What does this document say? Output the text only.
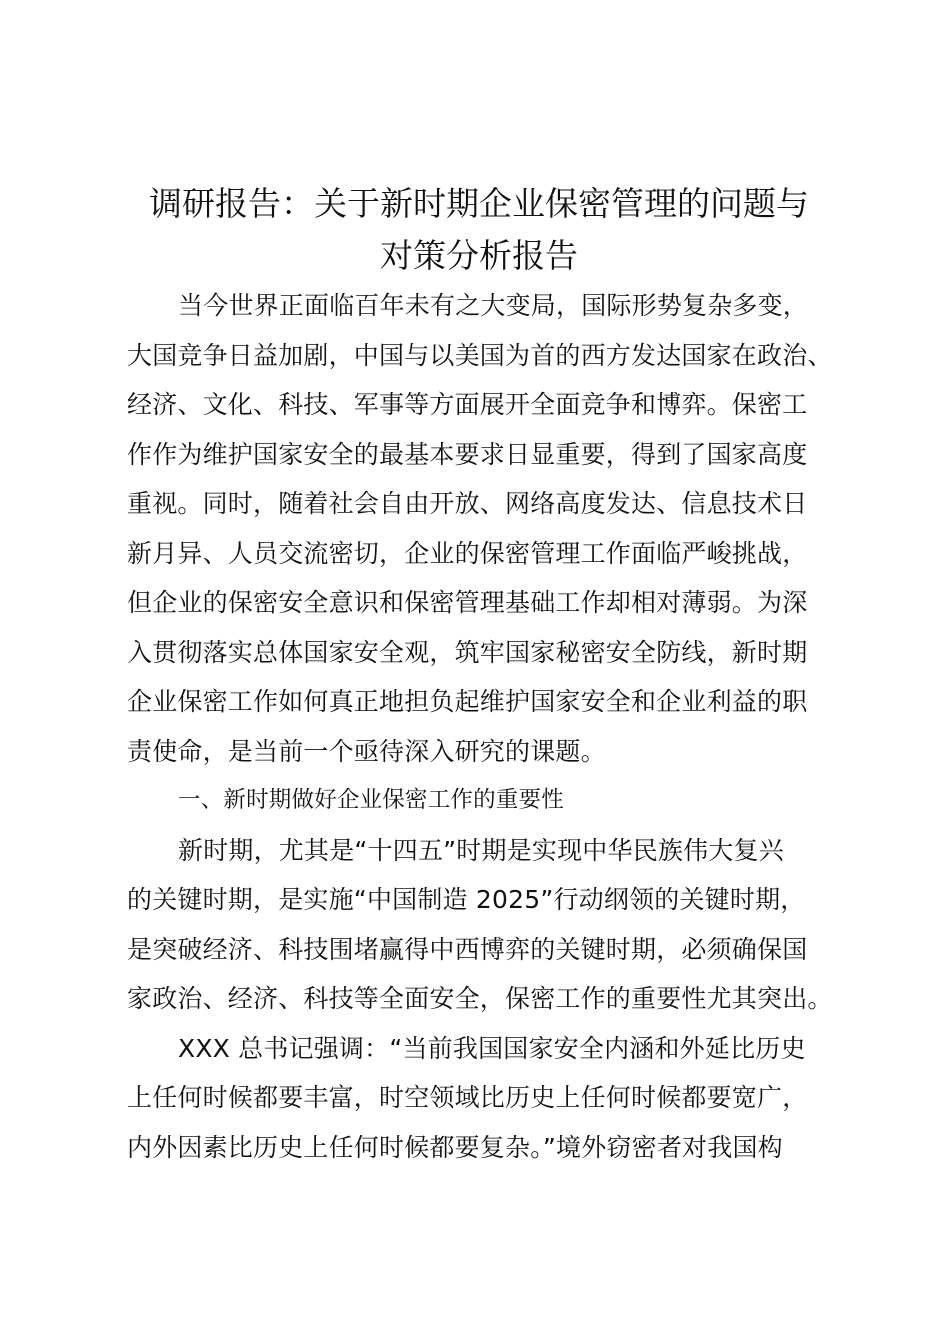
调研报告：关于新时期企业保密管理的问题与
对策分析报告
当今世界正面临百年未有之大变局，国际形势复杂多变，
大国竞争日益加剧，中国与以美国为首的西方发达国家在政治、
经济、文化、科技、军事等方面展开全面竞争和博弈。保密工
作作为维护国家安全的最基本要求日显重要，得到了国家高度
重视。同时，随着社会自由开放、网络高度发达、信息技术日
新月异、人员交流密切，企业的保密管理工作面临严峻挑战，
但企业的保密安全意识和保密管理基础工作却相对薄弱。为深
入贯彻落实总体国家安全观，筑牢国家秘密安全防线，新时期
企业保密工作如何真正地担负起维护国家安全和企业利益的职
责使命，是当前一个亟待深入研究的课题。
一、新时期做好企业保密工作的重要性
新时期，尤其是“十四五”时期是实现中华民族伟大复兴
的关键时期，是实施“中国制造 2025”行动纲领的关键时期，
是突破经济、科技围堵赢得中西博弈的关键时期，必须确保国
家政治、经济、科技等全面安全，保密工作的重要性尤其突出。
XXX 总书记强调：“当前我国国家安全内涵和外延比历史
上任何时候都要丰富，时空领域比历史上任何时候都要宽广，
内外因素比历史上任何时候都要复杂。”境外窃密者对我国构
